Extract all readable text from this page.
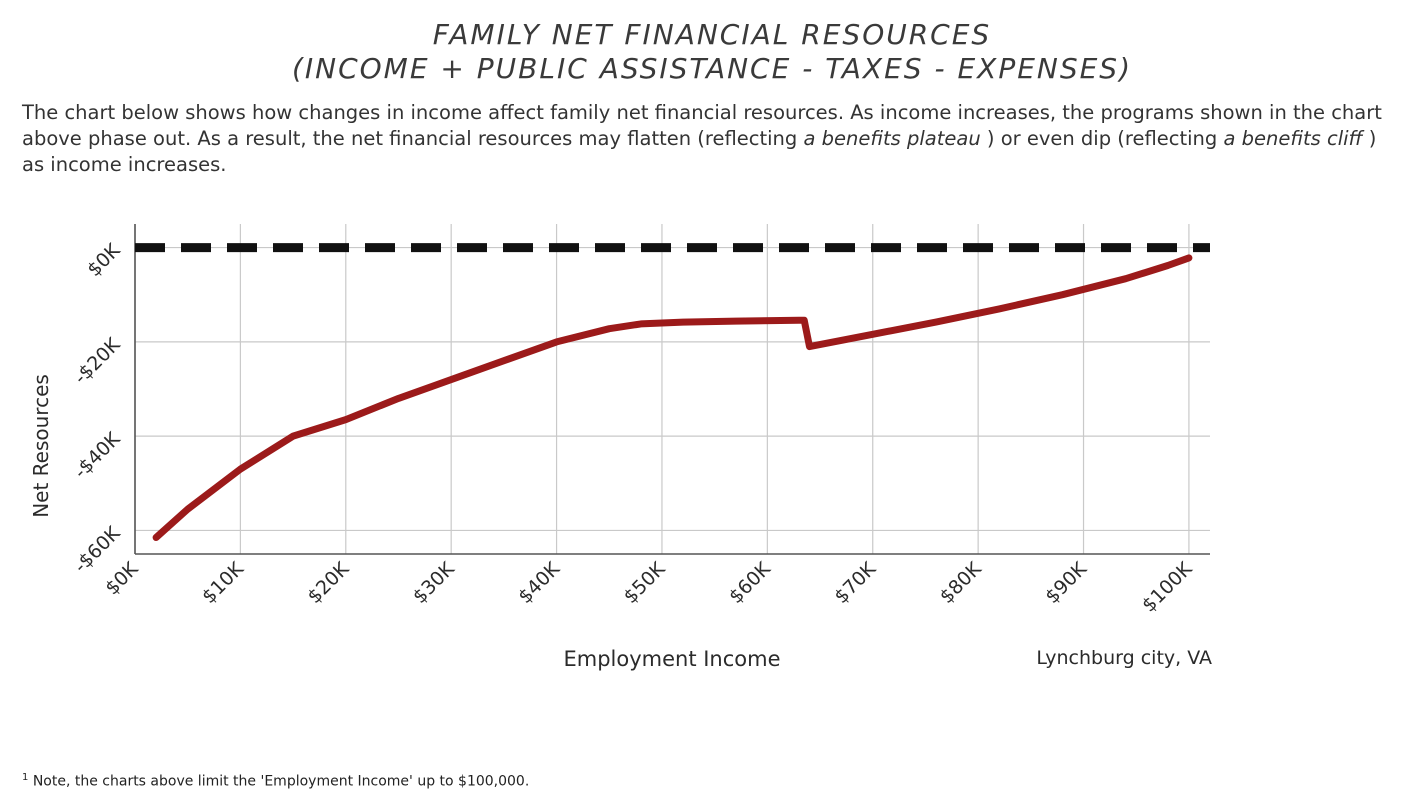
FAMILY NET FINANCIAL RESOURCES
(INCOME + PUBLIC ASSISTANCE - TAXES - EXPENSES)
The chart below shows how changes in income affect family net financial resources. As income increases, the programs shown in the chart above phase out. As a result, the net financial resources may flatten (reflecting a benefits plateau ) or even dip (reflecting a benefits cliff ) as income increases.
$0K
-$20K
-$40K
-$60K
$0K	$10K	$20K	$30K	$40K	$50K	$60K	$70K	$80K	$90K $100K
Net Resources
Employment Income	Lynchburg city, VA
$^1$ Note, the charts above limit the 'Employment Income' up to $100,000.
